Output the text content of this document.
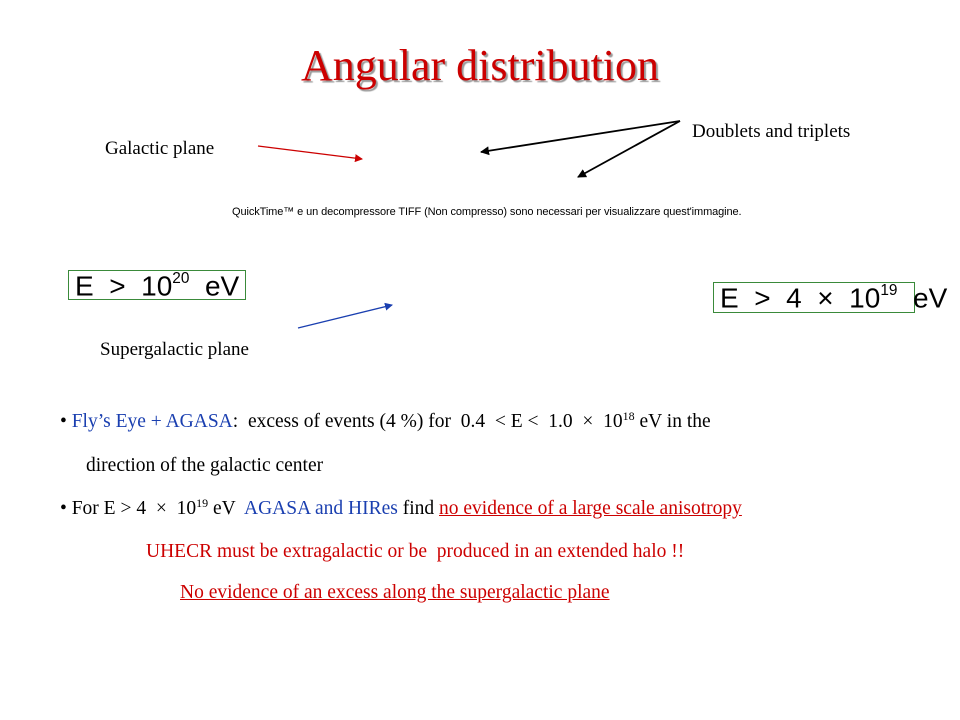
Angular distribution
Galactic plane
Doublets and triplets
Supergalactic plane
QuickTime™ e un decompressore TIFF (Non compresso) sono necessari per visualizzare quest'immagine.
$E > 10^{20}$  eV	$E > 4 \times 10^{19}$  eV
• Fly’s Eye + AGASA:  excess of events (4 %) for  $0.4 < E < 1.0 \times 10^{18}$ eV in the
direction of the galactic center
• For $E > 4 \times 10^{19}$ eV  AGASA and HIRes find no evidence of a large scale anisotropy
UHECR must be extragalactic or be  produced in an extended halo !!
No evidence of an excess along the supergalactic plane
